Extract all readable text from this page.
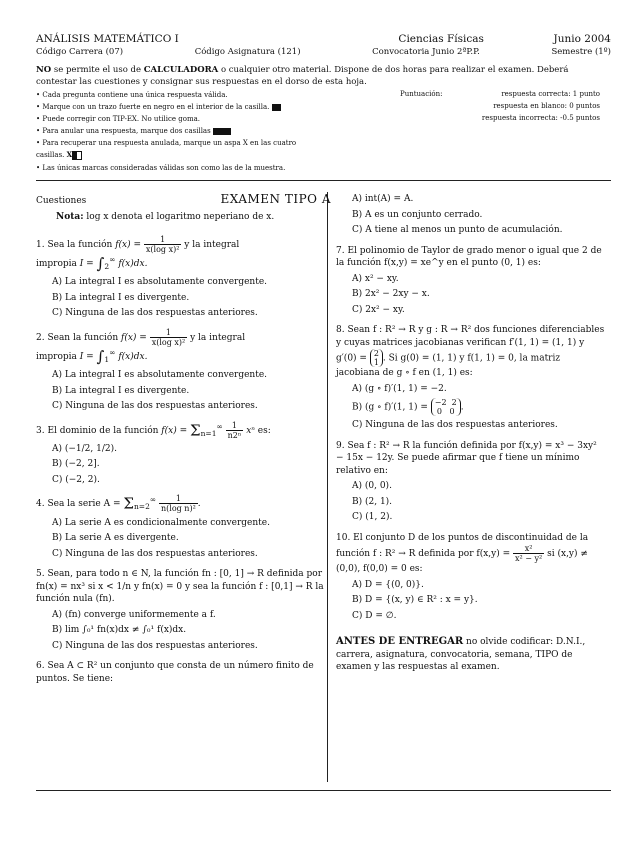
ANÁLISIS MATEMÁTICO I	Ciencias Físicas	Junio 2004
Código Carrera (07)	Código Asignatura (121)	Convocatoria Junio 2ªP.P.	Semestre (1º)
NO se permite el uso de CALCULADORA o cualquier otro material. Dispone de dos horas para realizar el examen. Deberá contestar las cuestiones y consignar sus respuestas en el dorso de esta hoja.
• Cada pregunta contiene una única respuesta válida.
• Marque con un trazo fuerte en negro en el interior de la casilla.
• Puede corregir con TIP-EX. No utilice goma.
• Para anular una respuesta, marque dos casillas
• Para recuperar una respuesta anulada, marque un aspa X en las cuatro
casillas. X
• Las únicas marcas consideradas válidas son como las de la muestra.
Puntuación:	respuesta correcta: 1 punto
respuesta en blanco: 0 puntos
respuesta incorrecta: -0.5 puntos
Cuestiones	EXAMEN TIPO A
Nota: log x denota el logaritmo neperiano de x.
1. Sea la función $f(x) = \frac{1}{\text{x(log x)²}}$ y la integral
impropia $I = \int_2^\infty$ f(x)dx.
A) La integral I es absolutamente convergente.
B) La integral I es divergente.
C) Ninguna de las dos respuestas anteriores.
2. Sean la función $f(x) = \frac{1}{\text{x(log x)²}}$ y la integral
impropia $I = \int_1^\infty$ f(x)dx.
A) La integral I es absolutamente convergente.
B) La integral I es divergente.
C) Ninguna de las dos respuestas anteriores.
3. El dominio de la función $f(x) = \Sigma_{n=1}^\infty \frac{1}{\text{n2ⁿ}}$ xⁿ es:
A) (−1/2, 1/2).
B) (−2, 2].
C) (−2, 2).
4. Sea la serie $A = \Sigma_{n=2}^\infty \frac{1}{\text{n(log n)²}}$ .
A) La serie A es condicionalmente convergente.
B) La serie A es divergente.
C) Ninguna de las dos respuestas anteriores.
5. Sean, para todo n ∈ N, la función fn : [0, 1] → R definida por fn(x) = nx³ si x < 1/n y fn(x) = 0 y sea la función f : [0,1] → R la función nula (fn).
A) (fn) converge uniformemente a f.
B) lim ∫₀¹ fn(x)dx ≠ ∫₀¹ f(x)dx.
C) Ninguna de las dos respuestas anteriores.
6. Sea A ⊂ R² un conjunto que consta de un número finito de puntos. Se tiene:
A) int(A) = A.
B) A es un conjunto cerrado.
C) A tiene al menos un punto de acumulación.
7. El polinomio de Taylor de grado menor o igual que 2 de la función f(x,y) = xe^y en el punto (0, 1) es:
A) x² − xy.
B) 2x² − 2xy − x.
C) 2x² − xy.
8. Sean f : R² → R y g : R → R² dos funciones diferenciables y cuyas matrices jacobianas verifican f′(1, 1) = (1, 1) y g′(0) = 2
1 . Si g(0) = (1, 1) y f(1, 1) = 0, la matriz jacobiana de g ∘ f en (1, 1) es:
A) (g ∘ f)′(1, 1) = −2.
B) (g ∘ f)′(1, 1) = −2  2
0   0 .
C) Ninguna de las dos respuestas anteriores.
9. Sea f : R² → R la función definida por f(x,y) = x³ − 3xy² − 15x − 12y. Se puede afirmar que f tiene un mínimo relativo en:
A) (0, 0).
B) (2, 1).
C) (1, 2).
10. El conjunto D de los puntos de discontinuidad de la función f : R² → R definida por $f(x,y) = \frac{\text{x²}}{\text{x² − y²}}$ si (x,y) ≠ (0,0), f(0,0) = 0 es:
A) D = {(0, 0)}.
B) D = {(x, y) ∈ R² : x = y}.
C) D = ∅.
ANTES DE ENTREGAR no olvide codificar: D.N.I., carrera, asignatura, convocatoria, semana, TIPO de examen y las respuestas al examen.
